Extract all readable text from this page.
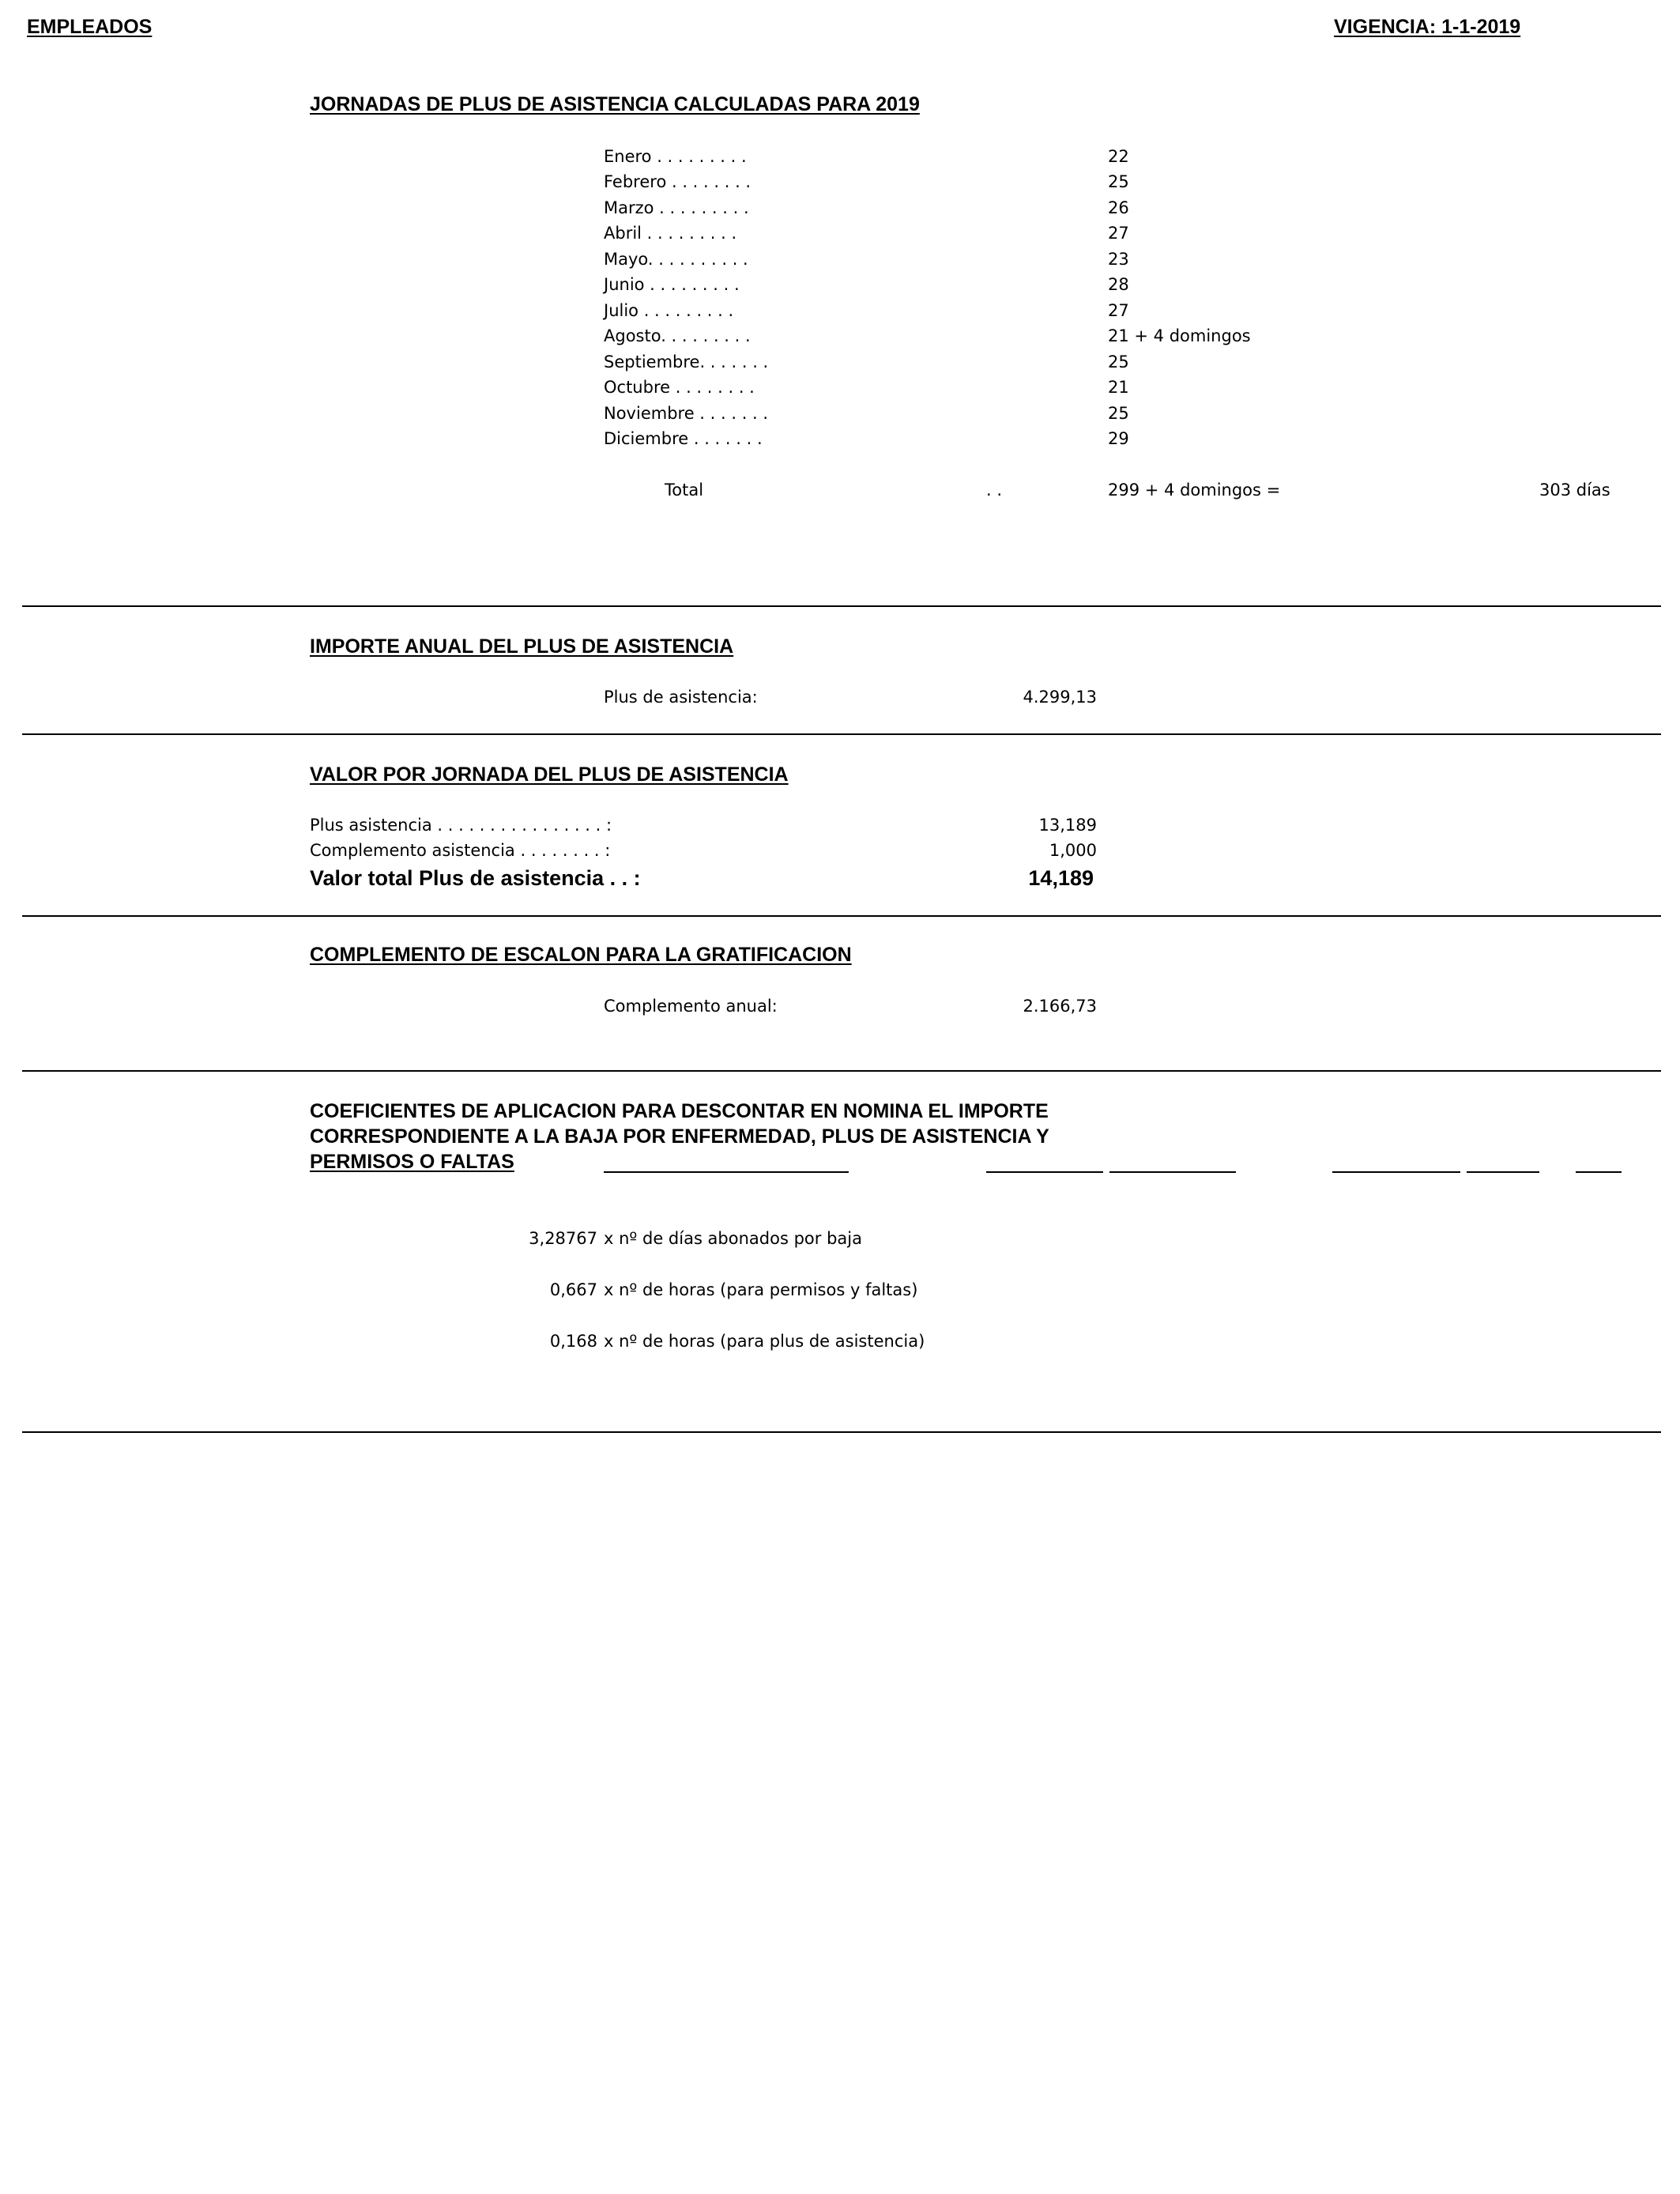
EMPLEADOS	VIGENCIA: 1-1-2019
JORNADAS DE PLUS DE ASISTENCIA CALCULADAS PARA 2019
Enero . . . . . . . . .	22
Febrero . . . . . . . .	25
Marzo . . . . . . . . .	26
Abril . . . . . . . . .	27
Mayo. . . . . . . . . .	23
Junio . . . . . . . . .	28
Julio . . . . . . . . .	27
Agosto. . . . . . . . .	21 + 4 domingos
Septiembre. . . . . . .	25
Octubre . . . . . . . .	21
Noviembre . . . . . . .	25
Diciembre . . . . . . .	29
Total	. .	299 + 4 domingos =	303 días
IMPORTE ANUAL DEL PLUS DE ASISTENCIA
Plus de asistencia:	4.299,13
VALOR POR JORNADA DEL PLUS DE ASISTENCIA
Plus asistencia . . . . . . . . . . . . . . . . :	13,189
Complemento asistencia . . . . . . . . :	1,000
Valor total Plus de asistencia . . :	14,189
COMPLEMENTO DE ESCALON PARA LA GRATIFICACION
Complemento anual:	2.166,73
COEFICIENTES DE APLICACION PARA DESCONTAR EN NOMINA EL IMPORTE
CORRESPONDIENTE A LA BAJA POR ENFERMEDAD, PLUS DE ASISTENCIA Y
PERMISOS O FALTAS
3,28767 x nº de días abonados por baja
0,667 x nº de horas (para permisos y faltas)
0,168 x nº de horas (para plus de asistencia)
